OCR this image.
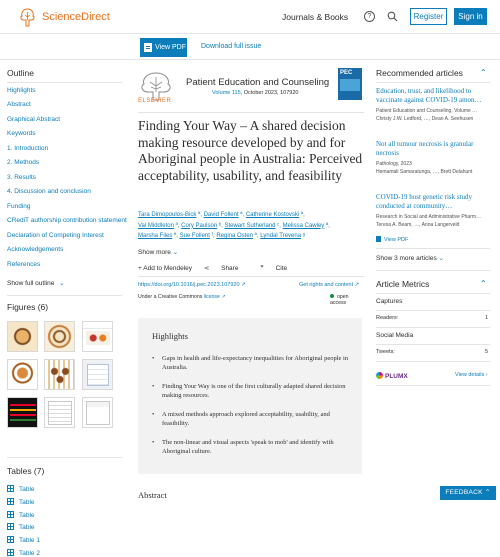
ScienceDirect	Journals & Books	?	Register	Sign in
View PDF Download full issue
Outline
Highlights
Abstract
Graphical Abstract
Keywords
1. Introduction
2. Methods
3. Results
4. Discussion and conclusion
Funding
CRediT authorship contribution statement
Declaration of Competing Interest
Acknowledgements
References
Show full outline ⌄
Figures (6)
Tables (7)
Table
Table
Table
Table
Table 1
Table 2
ELSEVIER
Patient Education and Counseling
Volume 115, October 2023, 107920
PEC
Finding Your Way – A shared decision making resource developed by and for Aboriginal people in Australia: Perceived acceptability, usability, and feasibility
Tara Dimopoulos-Bick ª, David Follent ª, Catherine Kostovski ª,
Val Middleton ª, Cory Paulson ᵇ, Stewart Sutherland ᶜ, Melissa Cawley ª,
Marsha Files ª, Sue Follent ᶠ, Regina Osten ª, Lyndal Trevena ᵍ
Show more ⌄
+ Add to Mendeley ⋖ Share	❞ Cite
https://doi.org/10.1016/j.pec.2023.107920 ↗	Get rights and content ↗
Under a Creative Commons license ↗	open access
Highlights
• Gaps in health and life-expectancy inequalities for Aboriginal people in Australia.
• Finding Your Way is one of the first culturally adapted shared decision making resources.
• A mixed methods approach explored acceptability, usability, and feasibility.
• The non-linear and visual aspects 'speak to mob' and identify with Aboriginal culture.
Abstract
Recommended articles ⌃
Education, trust, and likelihood to vaccinate against COVID-19 amon…
Patient Education and Counseling, Volume …
Christy J.W. Ledford, …, Dean A. Seehusen
Not all tumour necrosis is granular necrosis
Pathology, 2023
Hemamali Samaratunga, …, Brett Delahunt
COVID-19 host genetic risk study conducted at community…
Research in Social and Administrative Pharm…
Teresa A. Beam, …, Anna Langerveld
View PDF
Show 3 more articles ⌄
Article Metrics	⌃
Captures
Readers:	1
Social Media
Tweets:	5
PLUMX	View details ›
FEEDBACK ⌃
